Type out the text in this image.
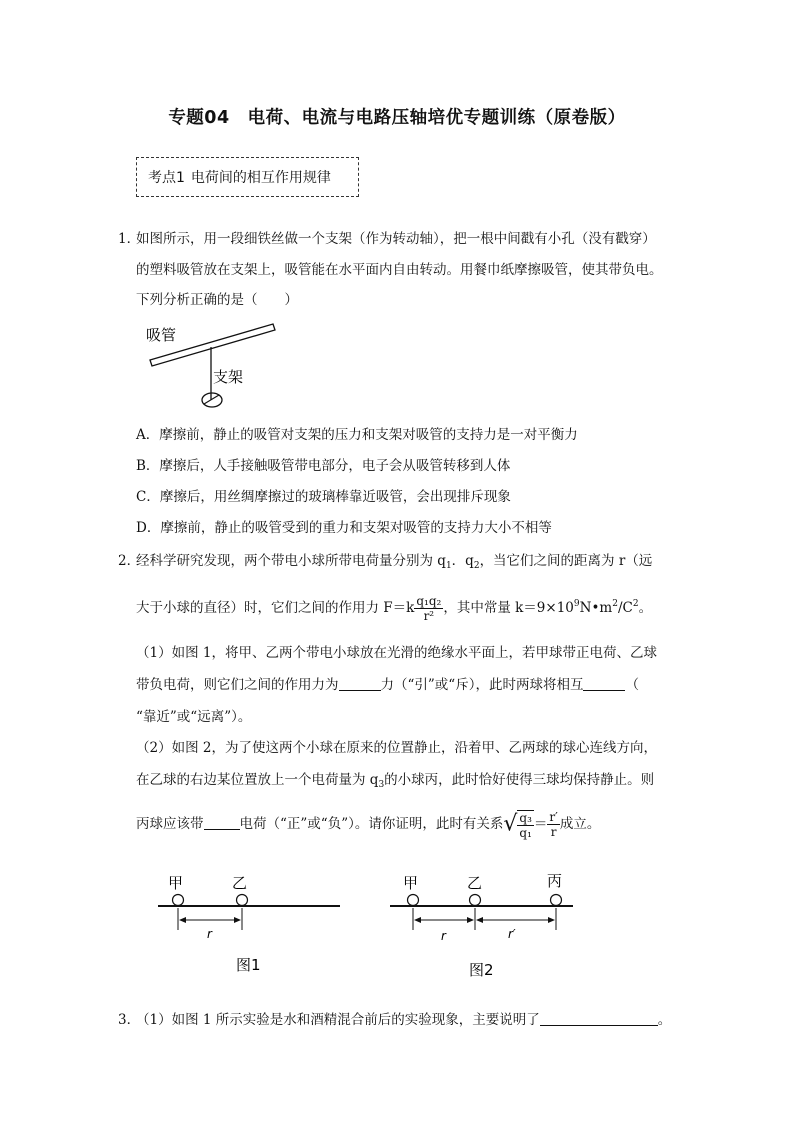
专题04 电荷、电流与电路压轴培优专题训练（原卷版）
考点1 电荷间的相互作用规律
1．
如图所示，用一段细铁丝做一个支架（作为转动轴），把一根中间戳有小孔（没有戳穿）
的塑料吸管放在支架上，吸管能在水平面内自由转动。用餐巾纸摩擦吸管，使其带负电。
下列分析正确的是（　　）
吸管
支架
A．摩擦前，静止的吸管对支架的压力和支架对吸管的支持力是一对平衡力
B．摩擦后，人手接触吸管带电部分，电子会从吸管转移到人体
C．摩擦后，用丝绸摩擦过的玻璃棒靠近吸管，会出现排斥现象
D．摩擦前，静止的吸管受到的重力和支架对吸管的支持力大小不相等
2．
经科学研究发现，两个带电小球所带电荷量分别为 $q_1$．$q_2$，当它们之间的距离为 r（远
大于小球的直径）时，它们之间的作用力 $F=k \frac{\text{q₁q₂}}{\text{r²}}$ ，其中常量 $k=9\times 10^9N•m^2/C^2$。
（1）如图 1，将甲、乙两个带电小球放在光滑的绝缘水平面上，若甲球带正电荷、乙球
带负电荷，则它们之间的作用力为	力（“引”或“斥），此时两球将相互	（
“靠近”或“远离”）。
（2）如图 2，为了使这两个小球在原来的位置静止，沿着甲、乙两球的球心连线方向，
在乙球的右边某位置放上一个电荷量为 $q_3$的小球丙，此时恰好使得三球均保持静止。则
丙球应该带	电荷（“正”或“负”）。请你证明，此时有关系√ $\frac{\text{q₃}}{\text{q₁}} = \frac{r'}{r}$ 成立。
甲	乙
r
图1
甲	乙	丙
r	r′
图2
3．
（1）如图 1 所示实验是水和酒精混合前后的实验现象，主要说明了	。
